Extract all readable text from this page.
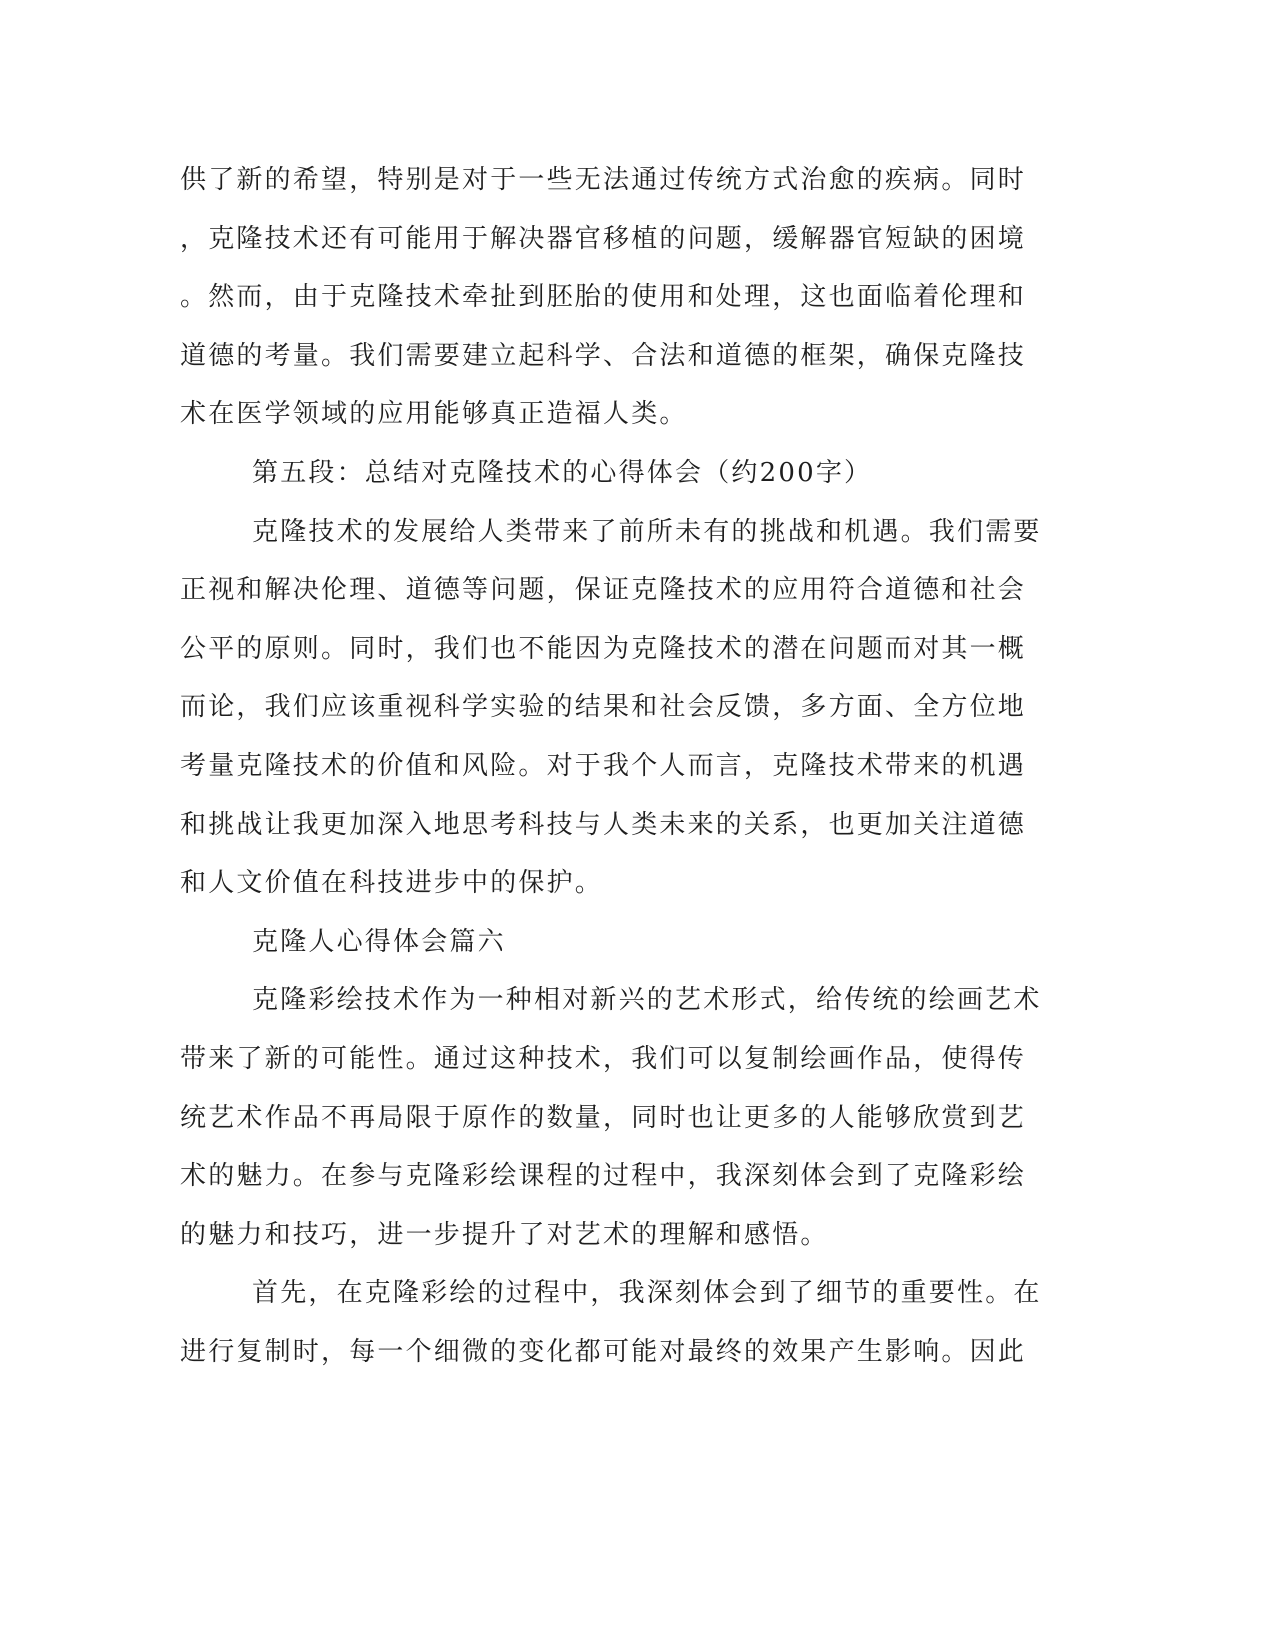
供了新的希望，特别是对于一些无法通过传统方式治愈的疾病。同时

，克隆技术还有可能用于解决器官移植的问题，缓解器官短缺的困境

。然而，由于克隆技术牵扯到胚胎的使用和处理，这也面临着伦理和

道德的考量。我们需要建立起科学、合法和道德的框架，确保克隆技

术在医学领域的应用能够真正造福人类。

第五段：总结对克隆技术的心得体会（约200字）

克隆技术的发展给人类带来了前所未有的挑战和机遇。我们需要

正视和解决伦理、道德等问题，保证克隆技术的应用符合道德和社会

公平的原则。同时，我们也不能因为克隆技术的潜在问题而对其一概

而论，我们应该重视科学实验的结果和社会反馈，多方面、全方位地

考量克隆技术的价值和风险。对于我个人而言，克隆技术带来的机遇

和挑战让我更加深入地思考科技与人类未来的关系，也更加关注道德

和人文价值在科技进步中的保护。

克隆人心得体会篇六

克隆彩绘技术作为一种相对新兴的艺术形式，给传统的绘画艺术

带来了新的可能性。通过这种技术，我们可以复制绘画作品，使得传

统艺术作品不再局限于原作的数量，同时也让更多的人能够欣赏到艺

术的魅力。在参与克隆彩绘课程的过程中，我深刻体会到了克隆彩绘

的魅力和技巧，进一步提升了对艺术的理解和感悟。

首先，在克隆彩绘的过程中，我深刻体会到了细节的重要性。在

进行复制时，每一个细微的变化都可能对最终的效果产生影响。因此
